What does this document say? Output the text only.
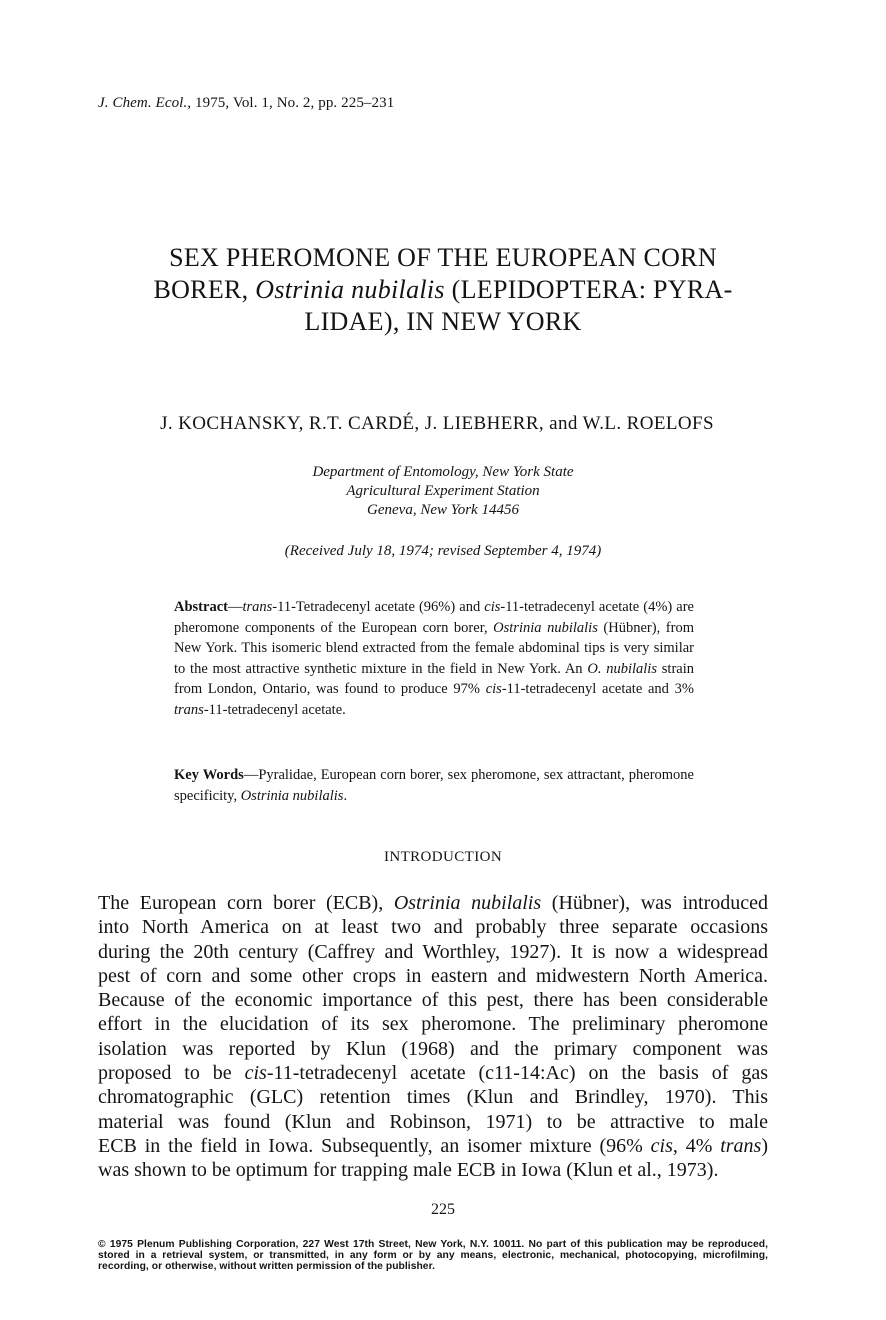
J. Chem. Ecol., 1975, Vol. 1, No. 2, pp. 225–231
SEX PHEROMONE OF THE EUROPEAN CORN
BORER, Ostrinia nubilalis (LEPIDOPTERA: PYRA-
LIDAE), IN NEW YORK
J. KOCHANSKY, R.T. CARDÉ, J. LIEBHERR, and W.L. ROELOFS
Department of Entomology, New York State
Agricultural Experiment Station
Geneva, New York 14456
(Received July 18, 1974; revised September 4, 1974)
Abstract—trans-11-Tetradecenyl acetate (96%) and cis-11-tetradecenyl acetate (4%) are pheromone components of the European corn borer, Ostrinia nubilalis (Hübner), from New York. This isomeric blend extracted from the female abdominal tips is very similar to the most attractive synthetic mixture in the field in New York. An O. nubilalis strain from London, Ontario, was found to produce 97% cis-11-tetradecenyl acetate and 3% trans-11-tetradecenyl acetate.
Key Words—Pyralidae, European corn borer, sex pheromone, sex attractant, pheromone specificity, Ostrinia nubilalis.
INTRODUCTION
The European corn borer (ECB), Ostrinia nubilalis (Hübner), was introduced
into North America on at least two and probably three separate occasions
during the 20th century (Caffrey and Worthley, 1927). It is now a widespread
pest of corn and some other crops in eastern and midwestern North America.
Because of the economic importance of this pest, there has been considerable
effort in the elucidation of its sex pheromone. The preliminary pheromone
isolation was reported by Klun (1968) and the primary component was
proposed to be cis-11-tetradecenyl acetate (c11-14:Ac) on the basis of gas
chromatographic (GLC) retention times (Klun and Brindley, 1970). This
material was found (Klun and Robinson, 1971) to be attractive to male
ECB in the field in Iowa. Subsequently, an isomer mixture (96% cis, 4% trans)
was shown to be optimum for trapping male ECB in Iowa (Klun et al., 1973).
225
© 1975 Plenum Publishing Corporation, 227 West 17th Street, New York, N.Y. 10011. No part of this publication may be reproduced, stored in a retrieval system, or transmitted, in any form or by any means, electronic, mechanical, photocopying, microfilming, recording, or otherwise, without written permission of the publisher.
